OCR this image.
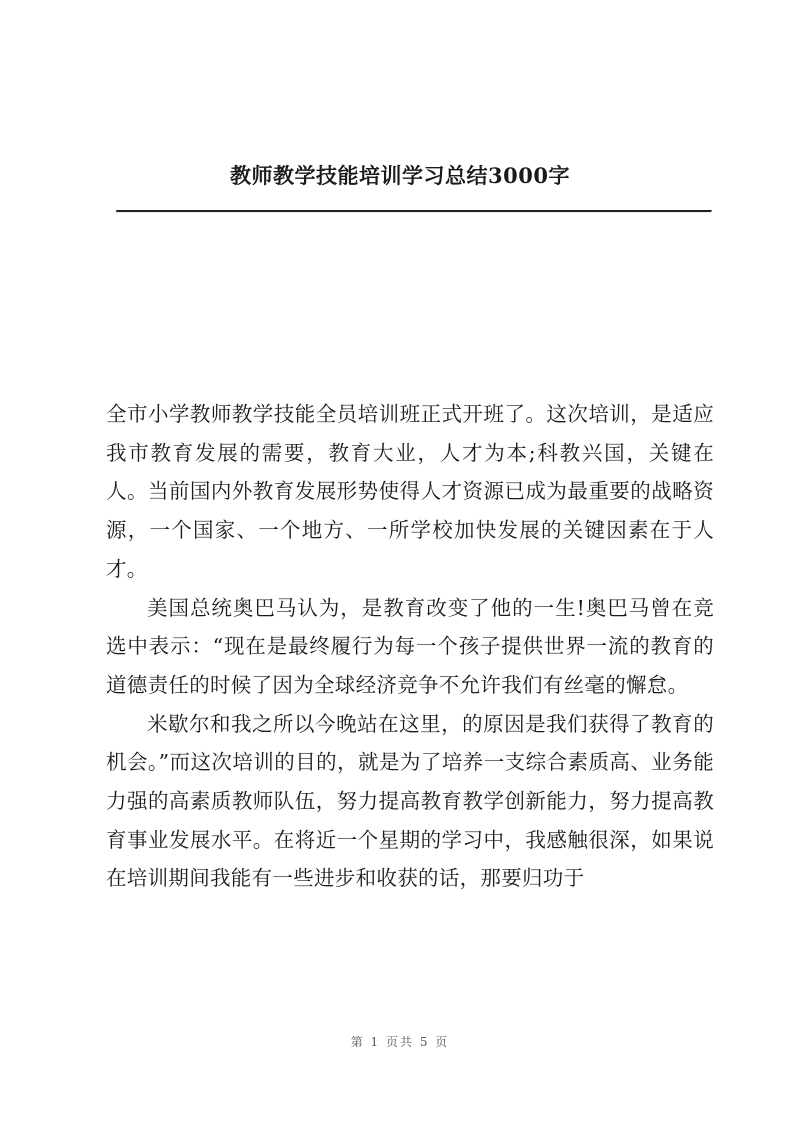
教师教学技能培训学习总结3000字

全市小学教师教学技能全员培训班正式开班了。这次培训，是适应我市教育发展的需要，教育大业，人才为本;科教兴国，关键在人。当前国内外教育发展形势使得人才资源已成为最重要的战略资源，一个国家、一个地方、一所学校加快发展的关键因素在于人才。

美国总统奥巴马认为，是教育改变了他的一生!奥巴马曾在竞选中表示：“现在是最终履行为每一个孩子提供世界一流的教育的道德责任的时候了因为全球经济竞争不允许我们有丝毫的懈怠。

米歇尔和我之所以今晚站在这里，的原因是我们获得了教育的机会。”而这次培训的目的，就是为了培养一支综合素质高、业务能力强的高素质教师队伍，努力提高教育教学创新能力，努力提高教育事业发展水平。在将近一个星期的学习中，我感触很深，如果说在培训期间我能有一些进步和收获的话，那要归功于

第 1 页共 5 页
